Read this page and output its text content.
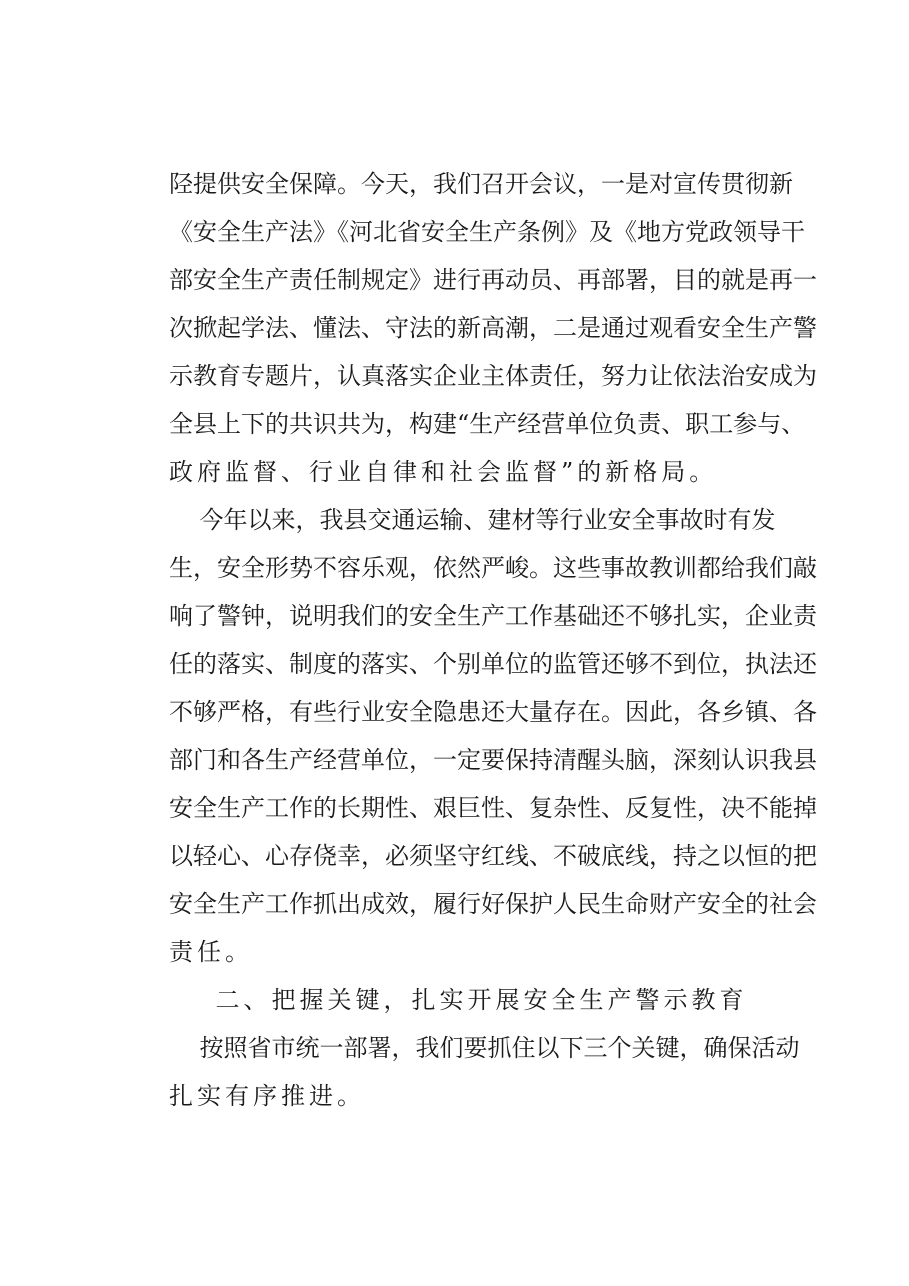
陉提供安全保障。今天，我们召开会议，一是对宣传贯彻新
《安全生产法》《河北省安全生产条例》及《地方党政领导干
部安全生产责任制规定》进行再动员、再部署，目的就是再一
次掀起学法、懂法、守法的新高潮，二是通过观看安全生产警
示教育专题片，认真落实企业主体责任，努力让依法治安成为
全县上下的共识共为，构建“生产经营单位负责、职工参与、
政府监督、行业自律和社会监督”的新格局。
今年以来，我县交通运输、建材等行业安全事故时有发
生，安全形势不容乐观，依然严峻。这些事故教训都给我们敲
响了警钟，说明我们的安全生产工作基础还不够扎实，企业责
任的落实、制度的落实、个别单位的监管还够不到位，执法还
不够严格，有些行业安全隐患还大量存在。因此，各乡镇、各
部门和各生产经营单位，一定要保持清醒头脑，深刻认识我县
安全生产工作的长期性、艰巨性、复杂性、反复性，决不能掉
以轻心、心存侥幸，必须坚守红线、不破底线，持之以恒的把
安全生产工作抓出成效，履行好保护人民生命财产安全的社会
责任。
二、把握关键，扎实开展安全生产警示教育
按照省市统一部署，我们要抓住以下三个关键，确保活动
扎实有序推进。
